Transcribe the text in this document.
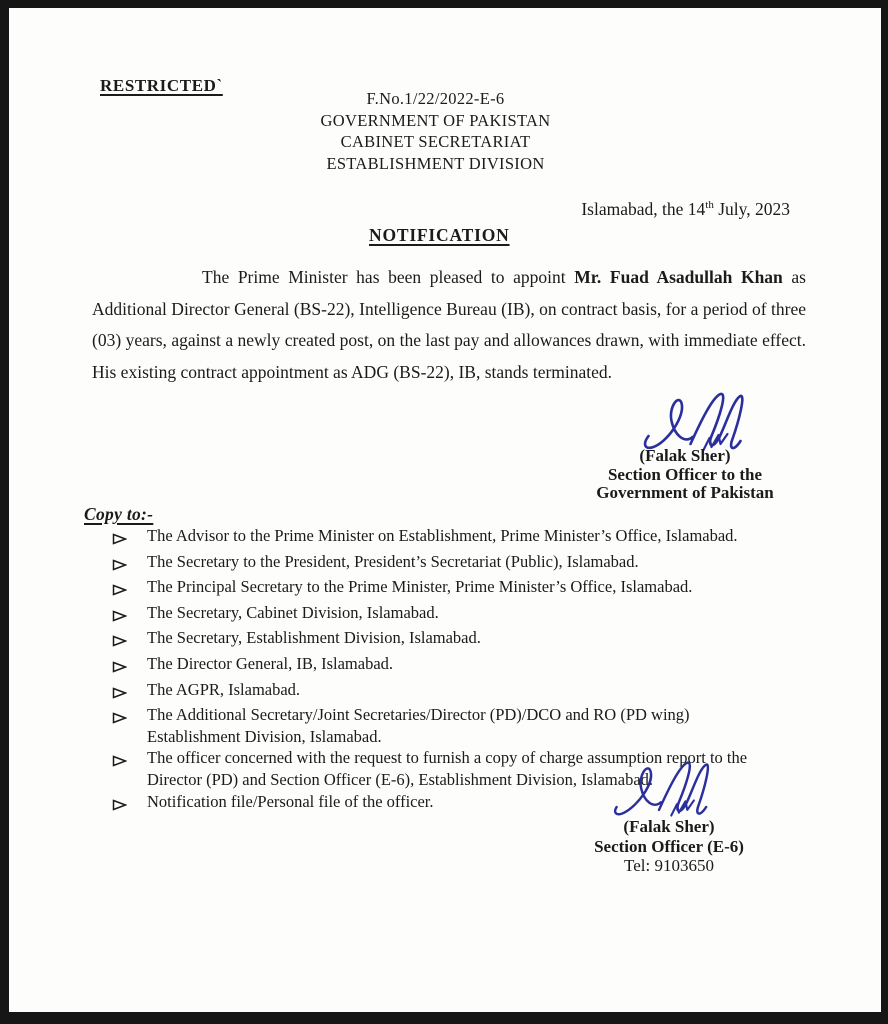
RESTRICTED`
F.No.1/22/2022-E-6
GOVERNMENT OF PAKISTAN
CABINET SECRETARIAT
ESTABLISHMENT DIVISION
Islamabad, the 14th July, 2023
NOTIFICATION

The Prime Minister has been pleased to appoint Mr. Fuad Asadullah Khan as Additional Director General (BS-22), Intelligence Bureau (IB), on contract basis, for a period of three (03) years, against a newly created post, on the last pay and allowances drawn, with immediate effect. His existing contract appointment as ADG (BS-22), IB, stands terminated.

(Falak Sher)
Section Officer to the
Government of Pakistan
Copy to:-
The Advisor to the Prime Minister on Establishment, Prime Minister’s Office, Islamabad.
The Secretary to the President, President’s Secretariat (Public), Islamabad.
The Principal Secretary to the Prime Minister, Prime Minister’s Office, Islamabad.
The Secretary, Cabinet Division, Islamabad.
The Secretary, Establishment Division, Islamabad.
The Director General, IB, Islamabad.
The AGPR, Islamabad.
The Additional Secretary/Joint Secretaries/Director (PD)/DCO and RO (PD wing) Establishment Division, Islamabad.
The officer concerned with the request to furnish a copy of charge assumption report to the Director (PD) and Section Officer (E-6), Establishment Division, Islamabad.
Notification file/Personal file of the officer.
(Falak Sher)
Section Officer (E-6)
Tel: 9103650
